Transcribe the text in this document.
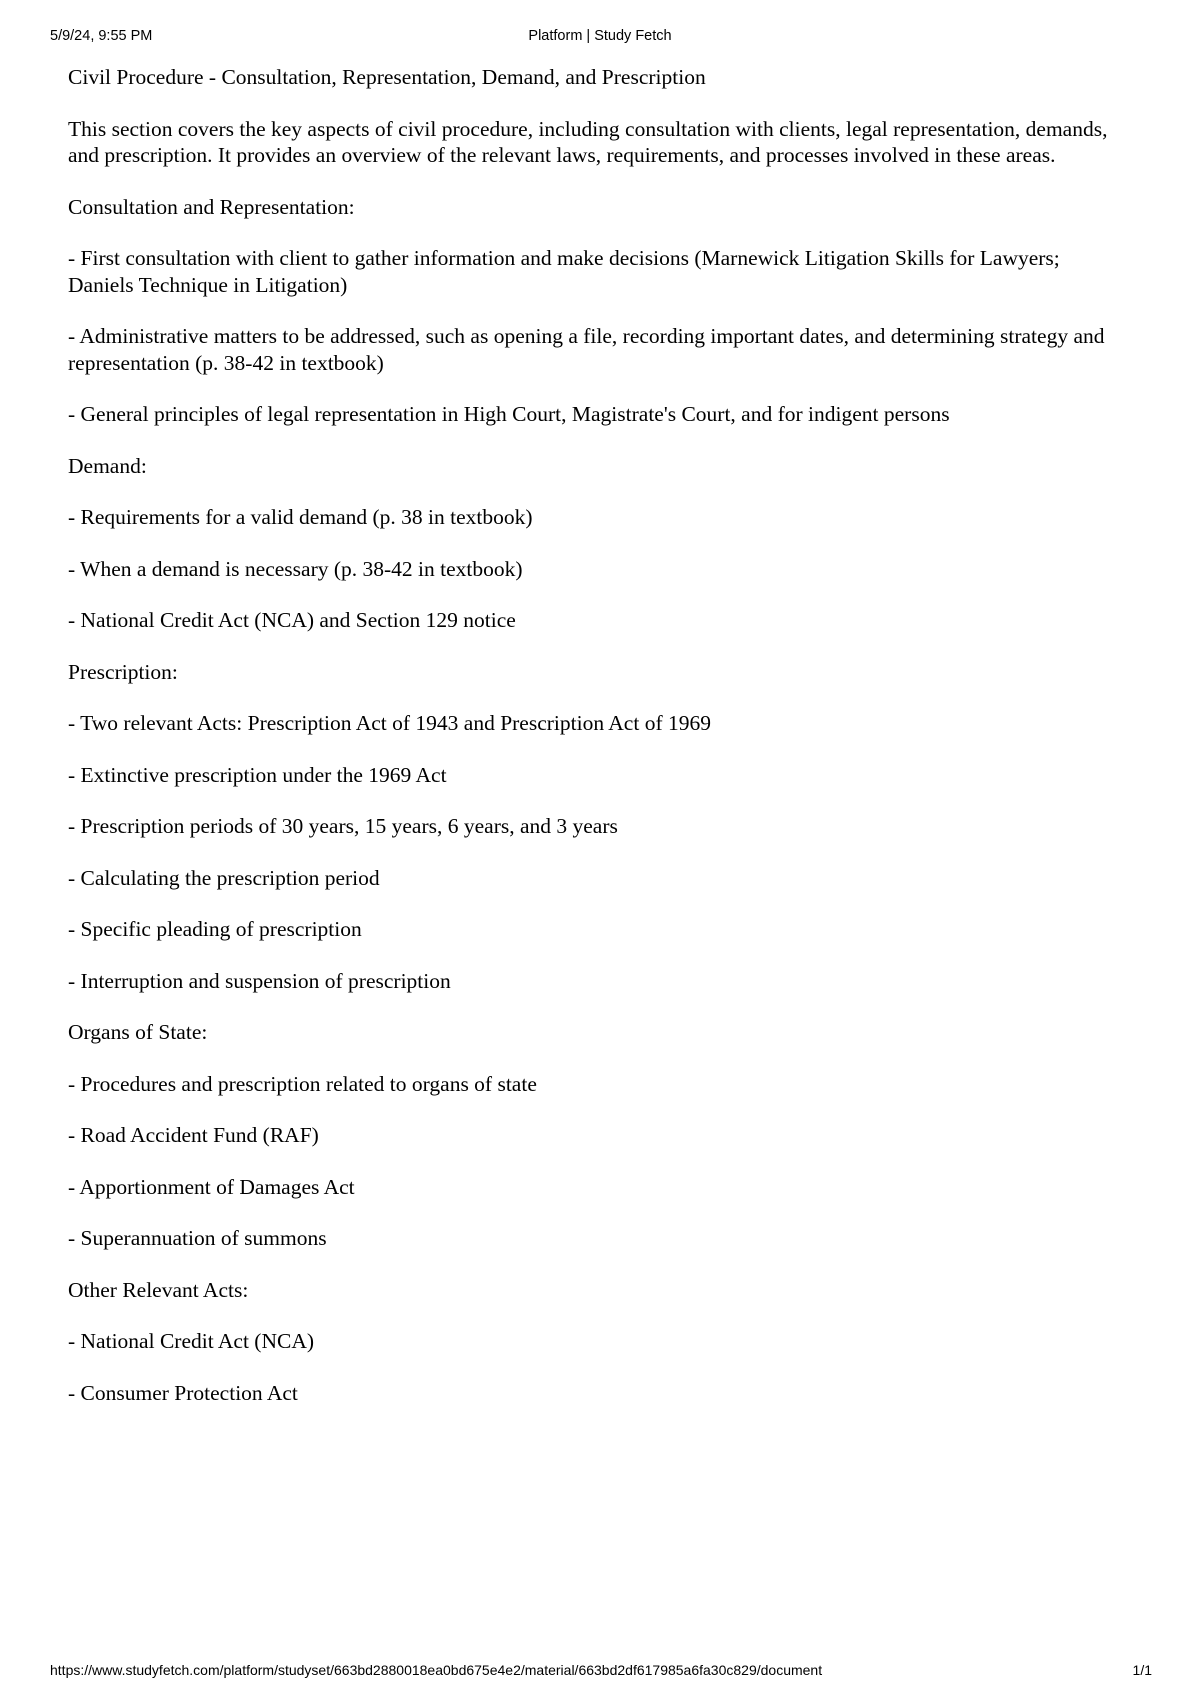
5/9/24, 9:55 PM	Platform | Study Fetch

Civil Procedure - Consultation, Representation, Demand, and Prescription

This section covers the key aspects of civil procedure, including consultation with clients, legal representation, demands, and prescription. It provides an overview of the relevant laws, requirements, and processes involved in these areas.

Consultation and Representation:

- First consultation with client to gather information and make decisions (Marnewick Litigation Skills for Lawyers; Daniels Technique in Litigation)

- Administrative matters to be addressed, such as opening a file, recording important dates, and determining strategy and representation (p. 38-42 in textbook)

- General principles of legal representation in High Court, Magistrate's Court, and for indigent persons

Demand:

- Requirements for a valid demand (p. 38 in textbook)

- When a demand is necessary (p. 38-42 in textbook)

- National Credit Act (NCA) and Section 129 notice

Prescription:

- Two relevant Acts: Prescription Act of 1943 and Prescription Act of 1969

- Extinctive prescription under the 1969 Act

- Prescription periods of 30 years, 15 years, 6 years, and 3 years

- Calculating the prescription period

- Specific pleading of prescription

- Interruption and suspension of prescription

Organs of State:

- Procedures and prescription related to organs of state

- Road Accident Fund (RAF)

- Apportionment of Damages Act

- Superannuation of summons

Other Relevant Acts:

- National Credit Act (NCA)

- Consumer Protection Act

https://www.studyfetch.com/platform/studyset/663bd2880018ea0bd675e4e2/material/663bd2df617985a6fa30c829/document	1/1
